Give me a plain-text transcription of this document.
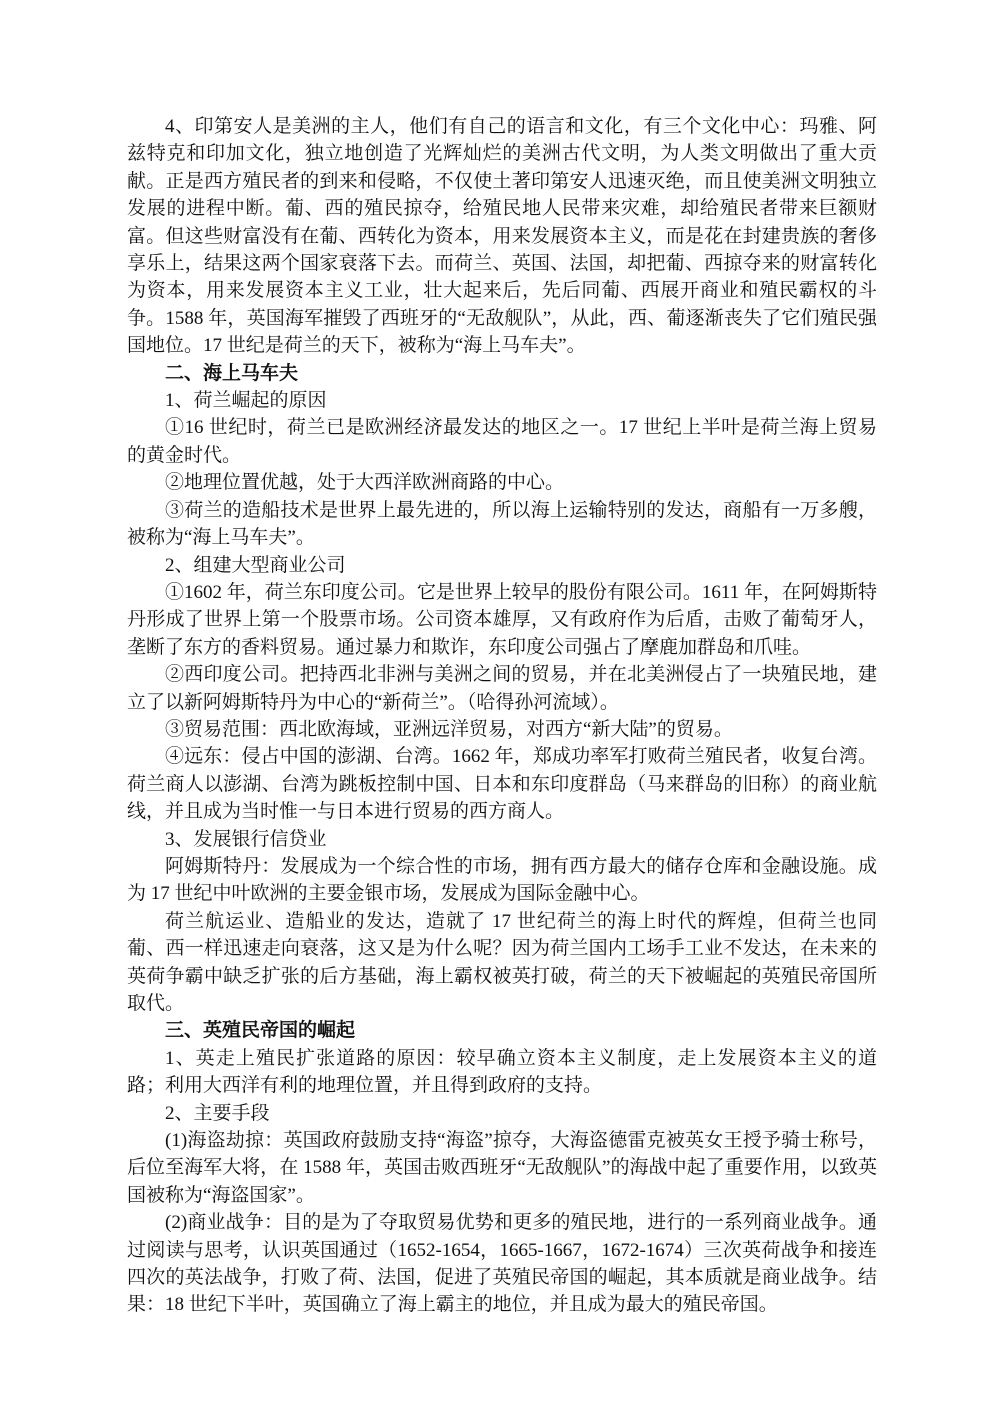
4、印第安人是美洲的主人，他们有自己的语言和文化，有三个文化中心：玛雅、阿兹特克和印加文化，独立地创造了光辉灿烂的美洲古代文明，为人类文明做出了重大贡献。正是西方殖民者的到来和侵略，不仅使土著印第安人迅速灭绝，而且使美洲文明独立发展的进程中断。葡、西的殖民掠夺，给殖民地人民带来灾难，却给殖民者带来巨额财富。但这些财富没有在葡、西转化为资本，用来发展资本主义，而是花在封建贵族的奢侈享乐上，结果这两个国家衰落下去。而荷兰、英国、法国，却把葡、西掠夺来的财富转化为资本，用来发展资本主义工业，壮大起来后，先后同葡、西展开商业和殖民霸权的斗争。1588 年，英国海军摧毁了西班牙的“无敌舰队”，从此，西、葡逐渐丧失了它们殖民强国地位。17 世纪是荷兰的天下，被称为“海上马车夫”。

二、海上马车夫

1、荷兰崛起的原因

①16 世纪时，荷兰已是欧洲经济最发达的地区之一。17 世纪上半叶是荷兰海上贸易的黄金时代。

②地理位置优越，处于大西洋欧洲商路的中心。

③荷兰的造船技术是世界上最先进的，所以海上运输特别的发达，商船有一万多艘，被称为“海上马车夫”。

2、组建大型商业公司

①1602 年，荷兰东印度公司。它是世界上较早的股份有限公司。1611 年，在阿姆斯特丹形成了世界上第一个股票市场。公司资本雄厚，又有政府作为后盾，击败了葡萄牙人，垄断了东方的香料贸易。通过暴力和欺诈，东印度公司强占了摩鹿加群岛和爪哇。

②西印度公司。把持西北非洲与美洲之间的贸易，并在北美洲侵占了一块殖民地，建立了以新阿姆斯特丹为中心的“新荷兰”。（哈得孙河流域）。

③贸易范围：西北欧海域，亚洲远洋贸易，对西方“新大陆”的贸易。

④远东：侵占中国的澎湖、台湾。1662 年，郑成功率军打败荷兰殖民者，收复台湾。荷兰商人以澎湖、台湾为跳板控制中国、日本和东印度群岛（马来群岛的旧称）的商业航线，并且成为当时惟一与日本进行贸易的西方商人。

3、发展银行信贷业

阿姆斯特丹：发展成为一个综合性的市场，拥有西方最大的储存仓库和金融设施。成为 17 世纪中叶欧洲的主要金银市场，发展成为国际金融中心。

荷兰航运业、造船业的发达，造就了 17 世纪荷兰的海上时代的辉煌，但荷兰也同葡、西一样迅速走向衰落，这又是为什么呢？因为荷兰国内工场手工业不发达，在未来的英荷争霸中缺乏扩张的后方基础，海上霸权被英打破，荷兰的天下被崛起的英殖民帝国所取代。

三、英殖民帝国的崛起

1、英走上殖民扩张道路的原因：较早确立资本主义制度，走上发展资本主义的道路；利用大西洋有利的地理位置，并且得到政府的支持。

2、主要手段

(1)海盗劫掠：英国政府鼓励支持“海盗”掠夺，大海盗德雷克被英女王授予骑士称号，后位至海军大将，在 1588 年，英国击败西班牙“无敌舰队”的海战中起了重要作用，以致英国被称为“海盗国家”。

(2)商业战争：目的是为了夺取贸易优势和更多的殖民地，进行的一系列商业战争。通过阅读与思考，认识英国通过（1652-1654，1665-1667，1672-1674）三次英荷战争和接连四次的英法战争，打败了荷、法国，促进了英殖民帝国的崛起，其本质就是商业战争。结果：18 世纪下半叶，英国确立了海上霸主的地位，并且成为最大的殖民帝国。
